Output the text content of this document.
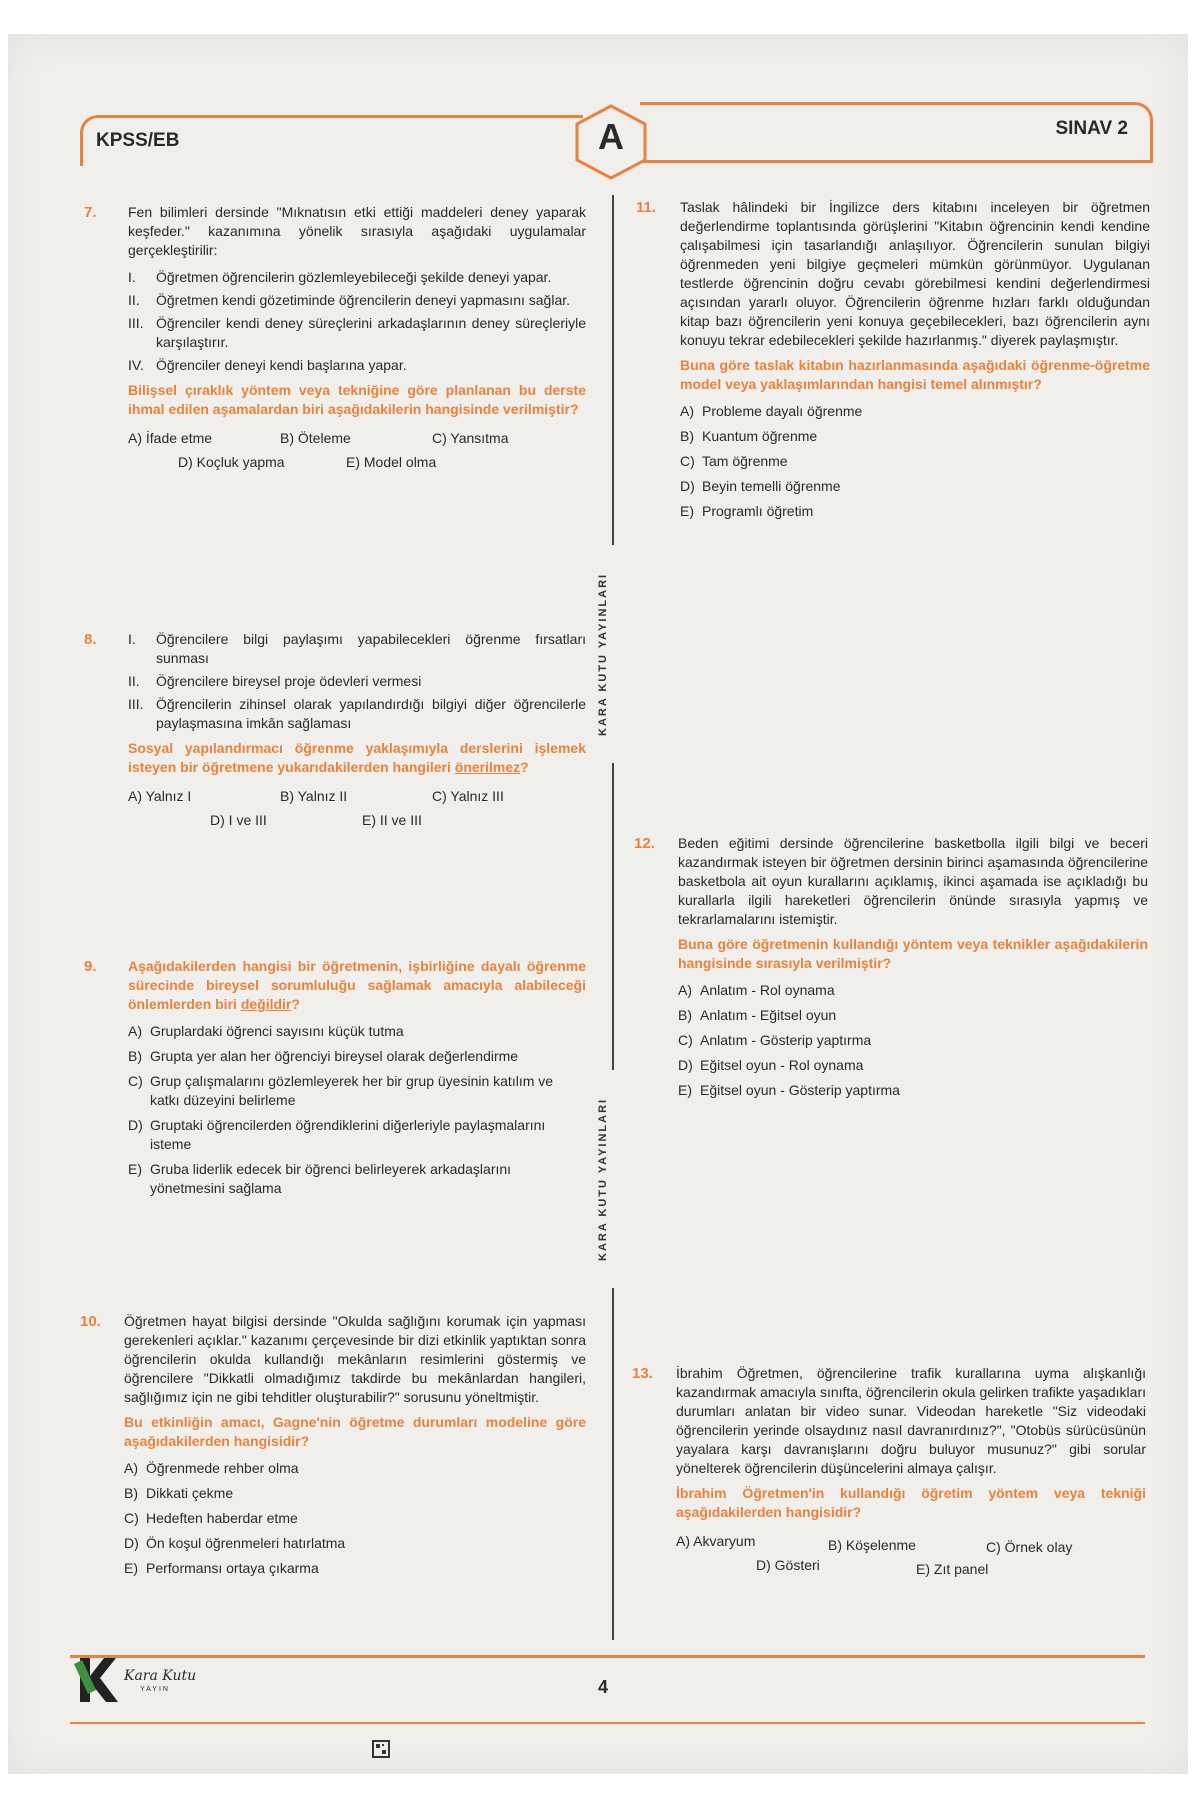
KPSS/EB	A	SINAV 2
KARA KUTU YAYINLARI
KARA KUTU YAYINLARI
7. Fen bilimleri dersinde "Mıknatısın etki ettiği maddeleri deney yaparak keşfeder." kazanımına yönelik sırasıyla aşağıdaki uygulamalar gerçekleştirilir:
I. Öğretmen öğrencilerin gözlemleyebileceği şekilde deneyi yapar.
II. Öğretmen kendi gözetiminde öğrencilerin deneyi yapmasını sağlar.
III. Öğrenciler kendi deney süreçlerini arkadaşlarının deney süreçleriyle karşılaştırır.
IV. Öğrenciler deneyi kendi başlarına yapar.
Bilişsel çıraklık yöntem veya tekniğine göre planlanan bu derste ihmal edilen aşamalardan biri aşağıdakilerin hangisinde verilmiştir?
A) İfade etme	B) Öteleme	C) Yansıtma
D) Koçluk yapma	E) Model olma
8. I. Öğrencilere bilgi paylaşımı yapabilecekleri öğrenme fırsatları sunması
II. Öğrencilere bireysel proje ödevleri vermesi
III. Öğrencilerin zihinsel olarak yapılandırdığı bilgiyi diğer öğrencilerle paylaşmasına imkân sağlaması
Sosyal yapılandırmacı öğrenme yaklaşımıyla derslerini işlemek isteyen bir öğretmene yukarıdakilerden hangileri önerilmez?
A) Yalnız I	B) Yalnız II	C) Yalnız III
D) I ve III	E) II ve III
9. Aşağıdakilerden hangisi bir öğretmenin, işbirliğine dayalı öğrenme sürecinde bireysel sorumluluğu sağlamak amacıyla alabileceği önlemlerden biri değildir?
A) Gruplardaki öğrenci sayısını küçük tutma
B) Grupta yer alan her öğrenciyi bireysel olarak değerlendirme
C) Grup çalışmalarını gözlemleyerek her bir grup üyesinin katılım ve katkı düzeyini belirleme
D) Gruptaki öğrencilerden öğrendiklerini diğerleriyle paylaşmalarını isteme
E) Gruba liderlik edecek bir öğrenci belirleyerek arkadaşlarını yönetmesini sağlama
10. Öğretmen hayat bilgisi dersinde "Okulda sağlığını korumak için yapması gerekenleri açıklar." kazanımı çerçevesinde bir dizi etkinlik yaptıktan sonra öğrencilerin okulda kullandığı mekânların resimlerini göstermiş ve öğrencilere "Dikkatli olmadığımız takdirde bu mekânlardan hangileri, sağlığımız için ne gibi tehditler oluşturabilir?" sorusunu yöneltmiştir.
Bu etkinliğin amacı, Gagne'nin öğretme durumları modeline göre aşağıdakilerden hangisidir?
A) Öğrenmede rehber olma
B) Dikkati çekme
C) Hedeften haberdar etme
D) Ön koşul öğrenmeleri hatırlatma
E) Performansı ortaya çıkarma
11. Taslak hâlindeki bir İngilizce ders kitabını inceleyen bir öğretmen değerlendirme toplantısında görüşlerini "Kitabın öğrencinin kendi kendine çalışabilmesi için tasarlandığı anlaşılıyor. Öğrencilerin sunulan bilgiyi öğrenmeden yeni bilgiye geçmeleri mümkün görünmüyor. Uygulanan testlerde öğrencinin doğru cevabı görebilmesi kendini değerlendirmesi açısından yararlı oluyor. Öğrencilerin öğrenme hızları farklı olduğundan kitap bazı öğrencilerin yeni konuya geçebilecekleri, bazı öğrencilerin aynı konuyu tekrar edebilecekleri şekilde hazırlanmış." diyerek paylaşmıştır.
Buna göre taslak kitabın hazırlanmasında aşağıdaki öğrenme-öğretme model veya yaklaşımlarından hangisi temel alınmıştır?
A) Probleme dayalı öğrenme
B) Kuantum öğrenme
C) Tam öğrenme
D) Beyin temelli öğrenme
E) Programlı öğretim
12. Beden eğitimi dersinde öğrencilerine basketbolla ilgili bilgi ve beceri kazandırmak isteyen bir öğretmen dersinin birinci aşamasında öğrencilerine basketbola ait oyun kurallarını açıklamış, ikinci aşamada ise açıkladığı bu kurallarla ilgili hareketleri öğrencilerin önünde sırasıyla yapmış ve tekrarlamalarını istemiştir.
Buna göre öğretmenin kullandığı yöntem veya teknikler aşağıdakilerin hangisinde sırasıyla verilmiştir?
A) Anlatım - Rol oynama
B) Anlatım - Eğitsel oyun
C) Anlatım - Gösterip yaptırma
D) Eğitsel oyun - Rol oynama
E) Eğitsel oyun - Gösterip yaptırma
13. İbrahim Öğretmen, öğrencilerine trafik kurallarına uyma alışkanlığı kazandırmak amacıyla sınıfta, öğrencilerin okula gelirken trafikte yaşadıkları durumları anlatan bir video sunar. Videodan hareketle "Siz videodaki öğrencilerin yerinde olsaydınız nasıl davranırdınız?", "Otobüs sürücüsünün yayalara karşı davranışlarını doğru buluyor musunuz?" gibi sorular yönelterek öğrencilerin düşüncelerini almaya çalışır.
İbrahim Öğretmen'in kullandığı öğretim yöntem veya tekniği aşağıdakilerden hangisidir?
A) Akvaryum	B) Köşelenme	C) Örnek olay
D) Gösteri	E) Zıt panel
Kara Kutu
YAYIN	4
